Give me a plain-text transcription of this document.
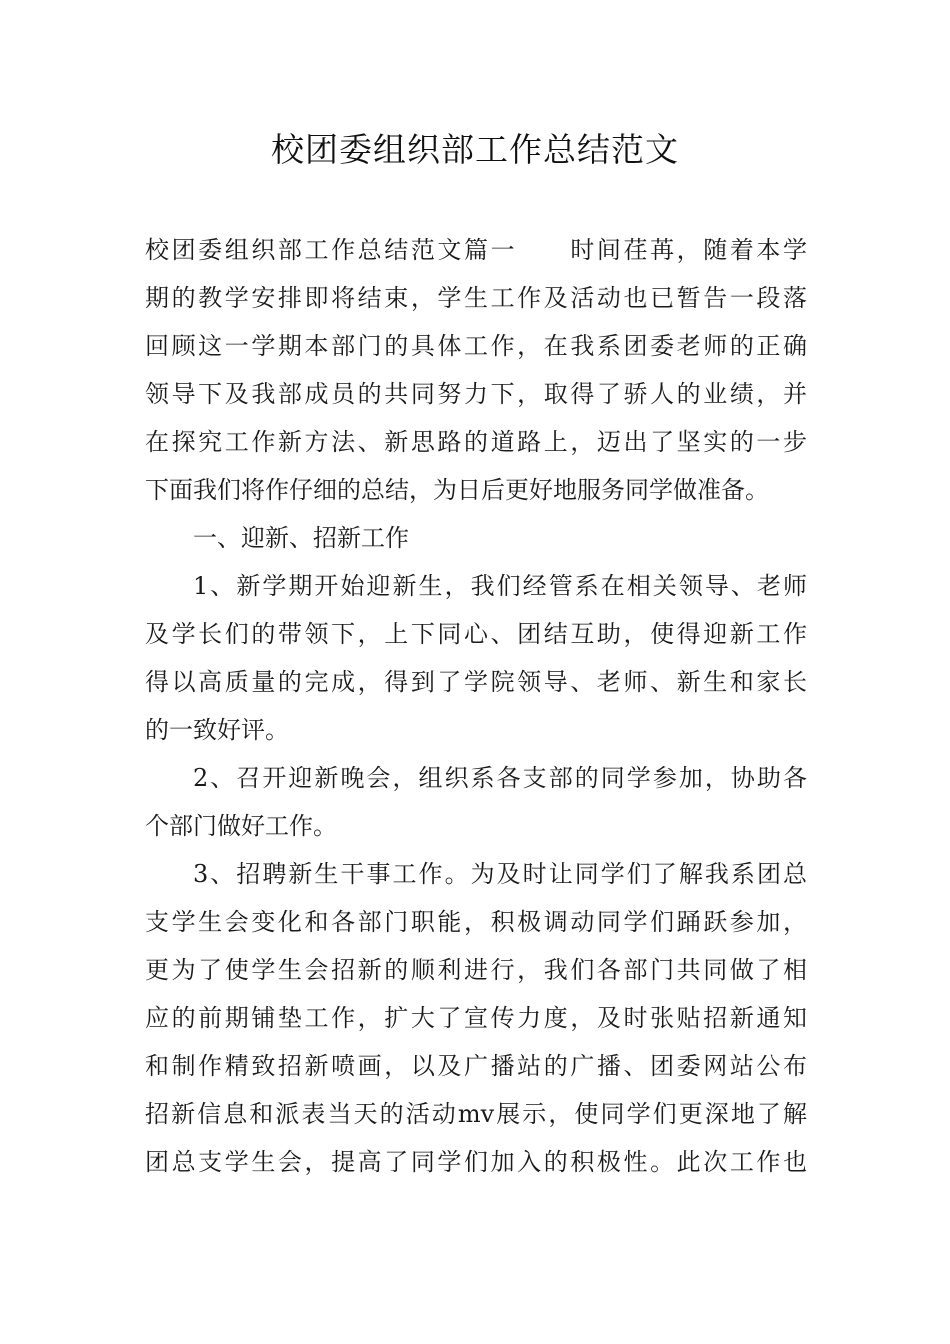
校团委组织部工作总结范文
校团委组织部工作总结范文篇一　　时间荏苒，随着本学
期的教学安排即将结束，学生工作及活动也已暂告一段落
回顾这一学期本部门的具体工作，在我系团委老师的正确
领导下及我部成员的共同努力下，取得了骄人的业绩，并
在探究工作新方法、新思路的道路上，迈出了坚实的一步
下面我们将作仔细的总结，为日后更好地服务同学做准备。
一、迎新、招新工作
1、新学期开始迎新生，我们经管系在相关领导、老师
及学长们的带领下，上下同心、团结互助，使得迎新工作
得以高质量的完成，得到了学院领导、老师、新生和家长
的一致好评。
2、召开迎新晚会，组织系各支部的同学参加，协助各
个部门做好工作。
3、招聘新生干事工作。为及时让同学们了解我系团总
支学生会变化和各部门职能，积极调动同学们踊跃参加，
更为了使学生会招新的顺利进行，我们各部门共同做了相
应的前期铺垫工作，扩大了宣传力度，及时张贴招新通知
和制作精致招新喷画，以及广播站的广播、团委网站公布
招新信息和派表当天的活动mv展示，使同学们更深地了解
团总支学生会，提高了同学们加入的积极性。此次工作也
